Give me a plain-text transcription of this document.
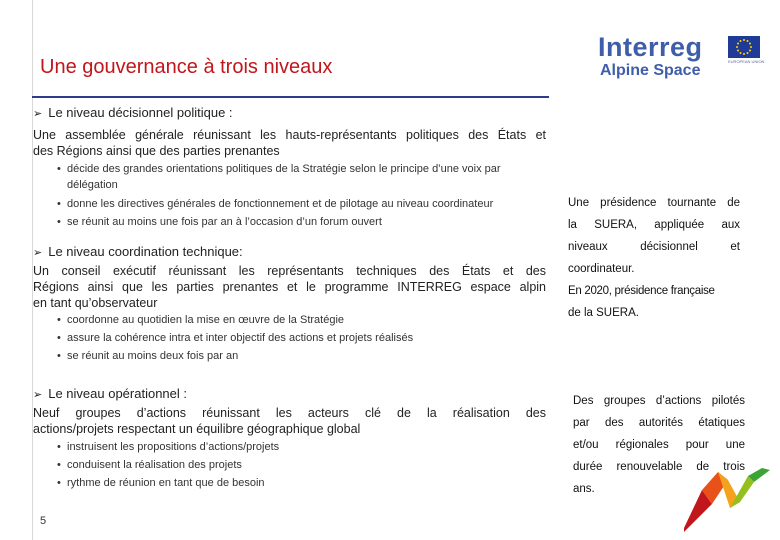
Une gouvernance à trois niveaux
Interreg
Alpine Space
EUROPEAN UNION
➢ Le niveau décisionnel politique :
Une assemblée générale réunissant les hauts-représentants politiques des États et
des Régions ainsi que des parties prenantes
• décide des grandes orientations politiques de la Stratégie selon le principe d’une voix par
délégation
• donne les directives générales de fonctionnement et de pilotage au niveau coordinateur
• se réunit au moins une fois par an à l’occasion d’un forum ouvert
➢ Le niveau coordination technique:
Un conseil exécutif réunissant les représentants techniques des États et des
Régions ainsi que les parties prenantes et le programme INTERREG espace alpin
en tant qu’observateur
• coordonne au quotidien la mise en œuvre de la Stratégie
• assure la cohérence intra et inter objectif des actions et projets réalisés
• se réunit au moins deux fois par an
➢ Le niveau opérationnel :
Neuf groupes d’actions réunissant les acteurs clé de la réalisation des
actions/projets respectant un équilibre géographique global
• instruisent les propositions d’actions/projets
• conduisent la réalisation des projets
• rythme de réunion en tant que de besoin
Une présidence tournante de
la SUERA, appliquée aux
niveaux décisionnel et
coordinateur.
En 2020, présidence française
de la SUERA.
Des groupes d’actions pilotés
par des autorités étatiques
et/ou régionales pour une
durée renouvelable de trois
ans.
5
